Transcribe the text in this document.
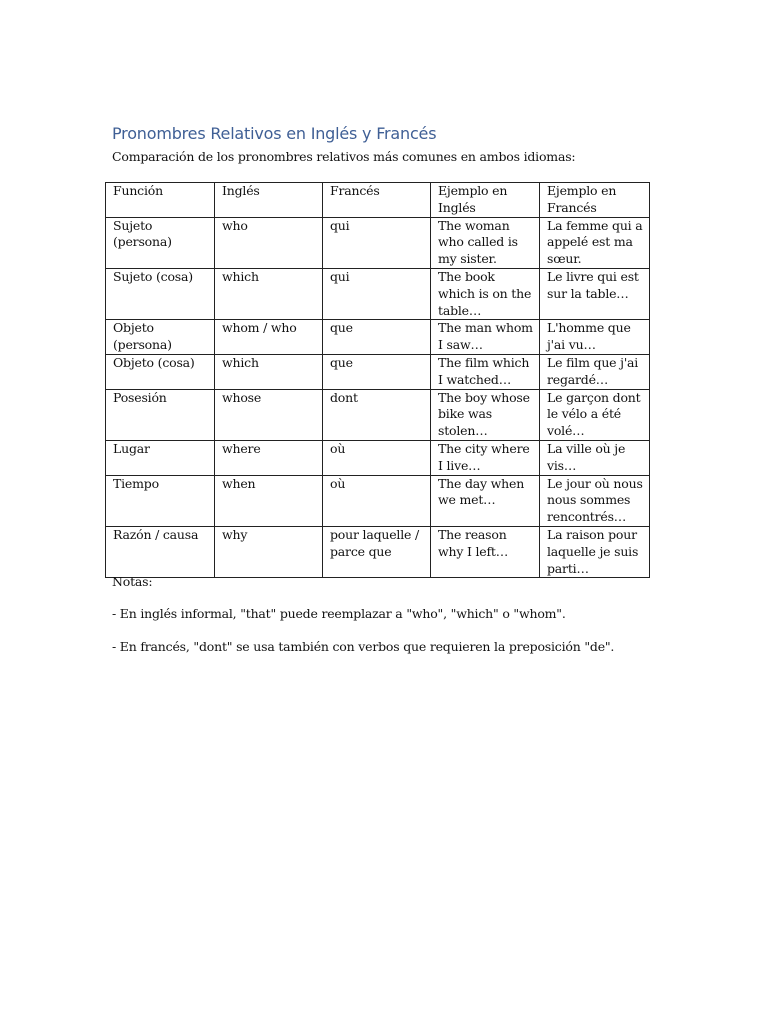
Pronombres Relativos en Inglés y Francés
Comparación de los pronombres relativos más comunes en ambos idiomas:
Función	Inglés	Francés	Ejemplo en Inglés	Ejemplo en Francés
Sujeto (persona)	who	qui	The woman who called is my sister.	La femme qui a appelé est ma sœur.
Sujeto (cosa)	which	qui	The book which is on the table…	Le livre qui est sur la table…
Objeto (persona)	whom / who	que	The man whom I saw…	L'homme que j'ai vu…
Objeto (cosa)	which	que	The film which I watched…	Le film que j'ai regardé…
Posesión	whose	dont	The boy whose bike was stolen…	Le garçon dont le vélo a été volé…
Lugar	where	où	The city where I live…	La ville où je vis…
Tiempo	when	où	The day when we met…	Le jour où nous nous sommes rencontrés…
Razón / causa	why	pour laquelle / parce que	The reason why I left…	La raison pour laquelle je suis parti…
Notas:
- En inglés informal, "that" puede reemplazar a "who", "which" o "whom".
- En francés, "dont" se usa también con verbos que requieren la preposición "de".
